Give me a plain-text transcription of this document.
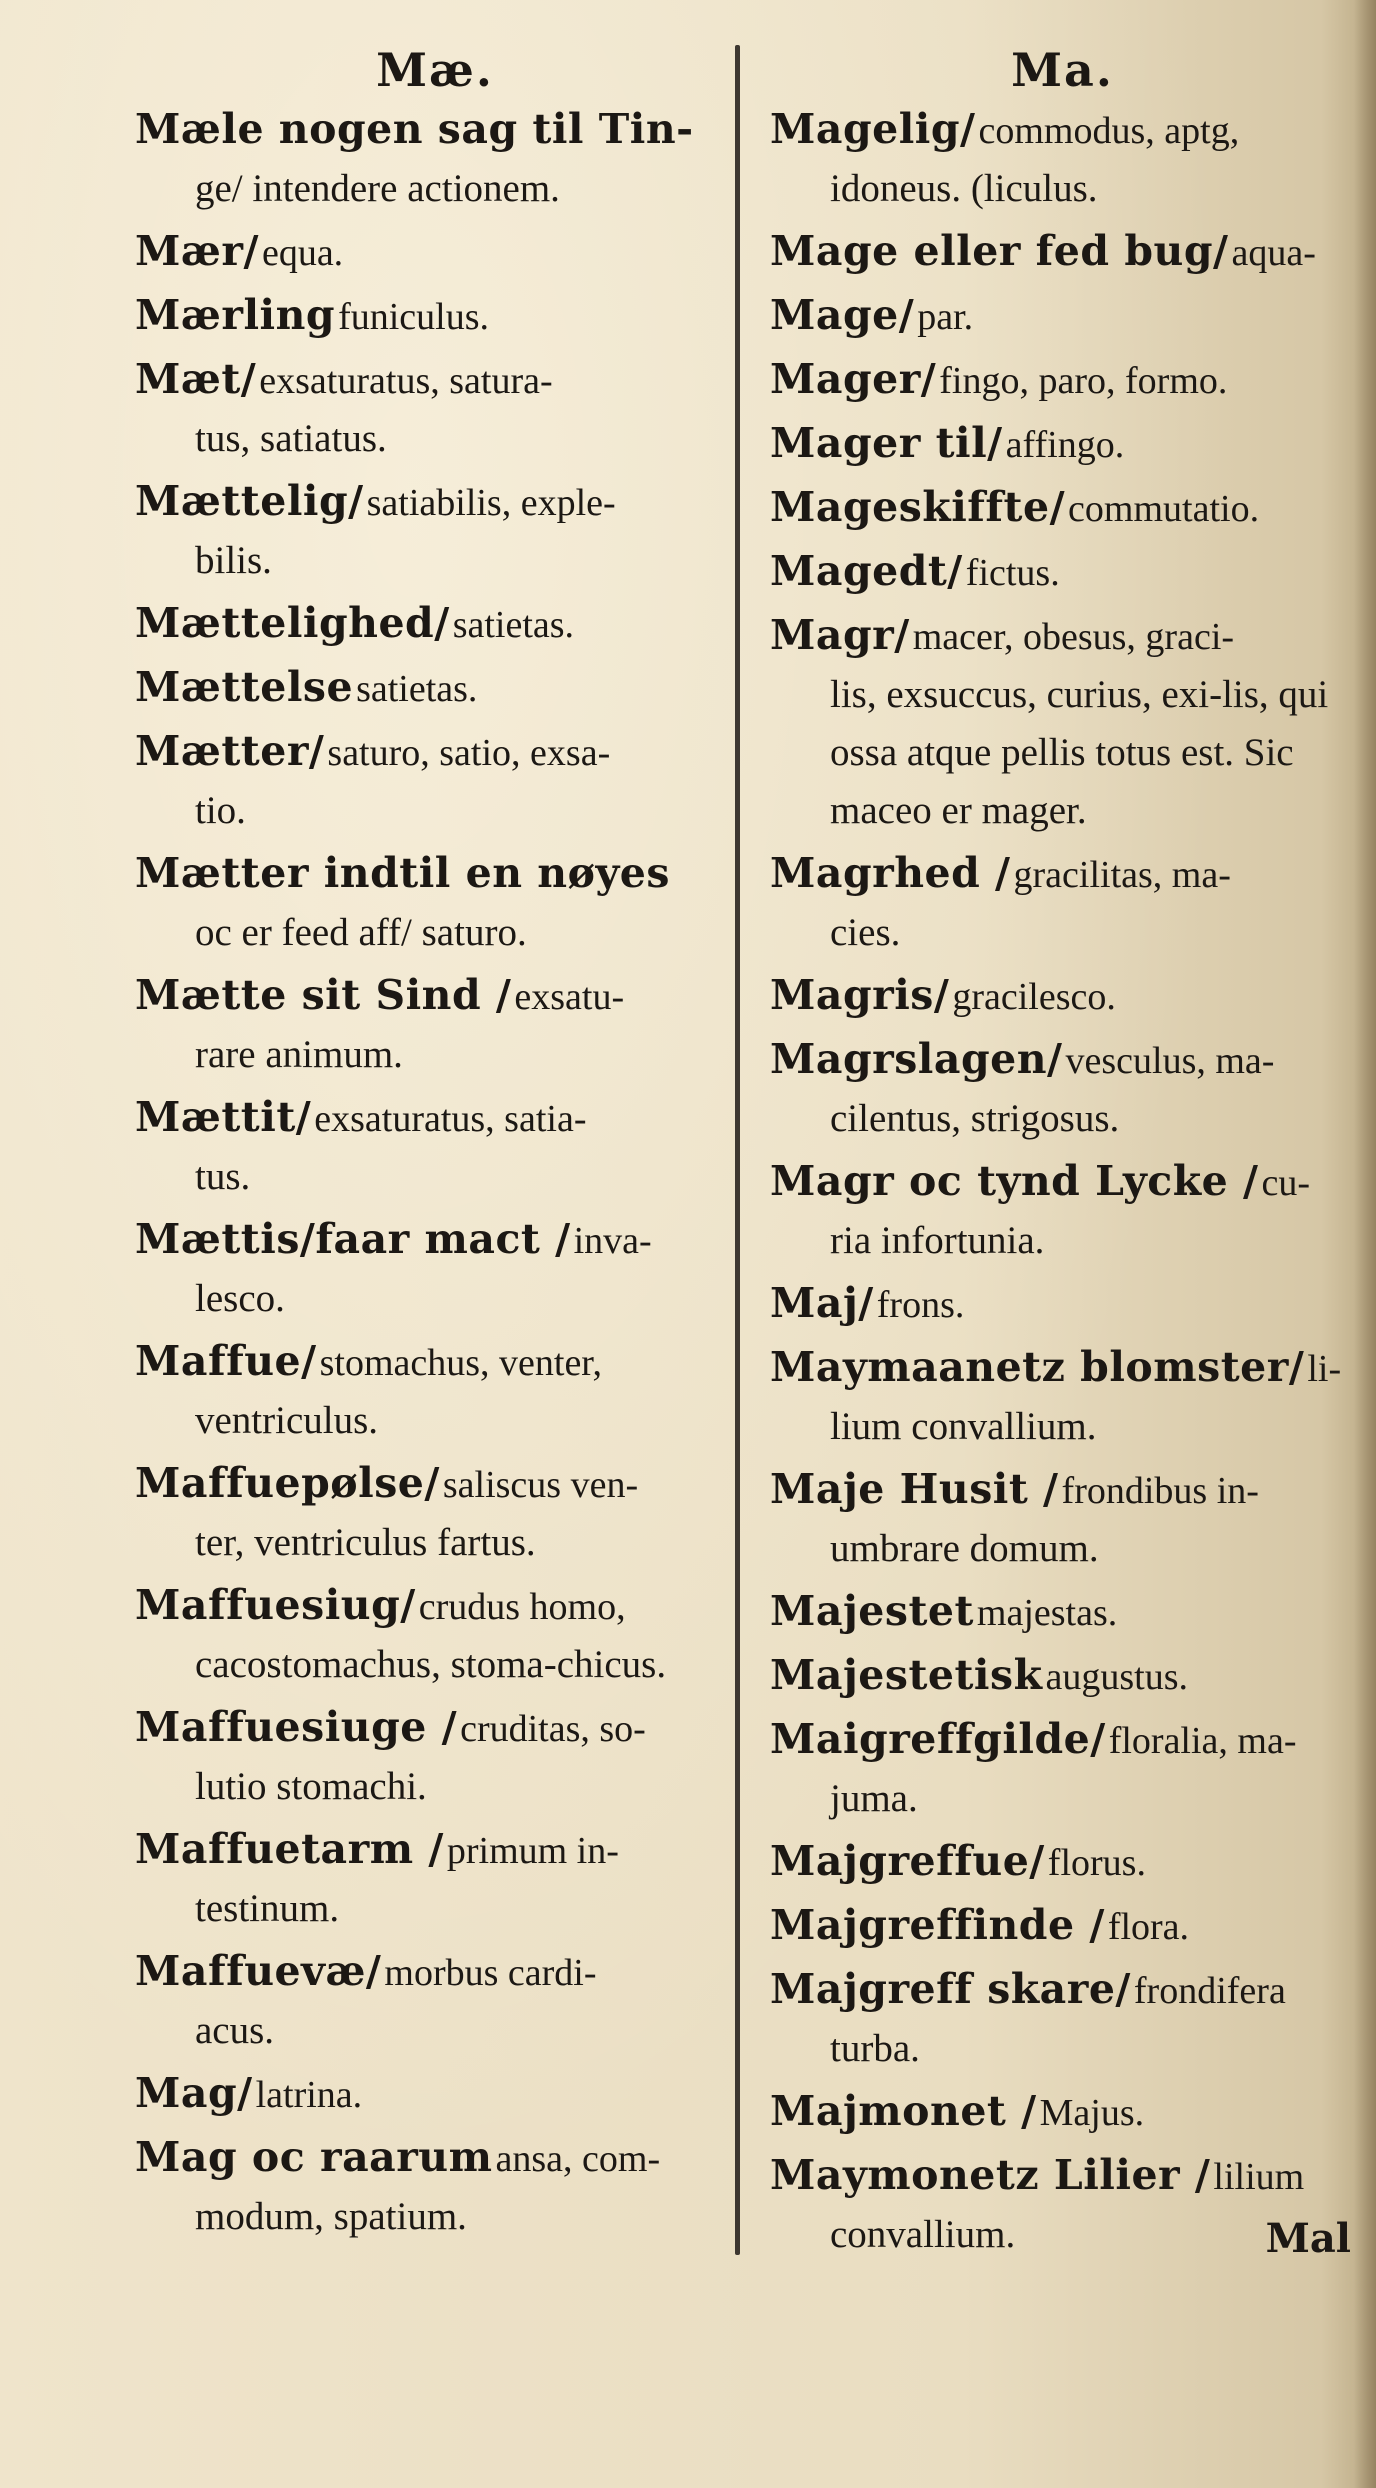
Mæ.
Mæle nogen sag til Tin-
ge/ intendere actionem.
Mær/equa.
Mærlingfuniculus.
Mæt/exsaturatus, satura-
tus, satiatus.
Mættelig/satiabilis, exple-
bilis.
Mættelighed/satietas.
Mættelsesatietas.
Mætter/saturo, satio, exsa-
tio.
Mætter indtil en nøyes
oc er feed aff/ saturo.
Mætte sit Sind /exsatu-
rare animum.
Mættit/exsaturatus, satia-
tus.
Mættis/faar mact /inva-
lesco.
Maffue/stomachus, venter,
ventriculus.
Maffuepølse/saliscus ven-
ter, ventriculus fartus.
Maffuesiug/crudus homo,
cacostomachus, stoma-chicus.
Maffuesiuge /cruditas, so-
lutio stomachi.
Maffuetarm /primum in-
testinum.
Maffuevæ/morbus cardi-
acus.
Mag/latrina.
Mag oc raarumansa, com-
modum, spatium.
Ma.
Magelig/commodus, aptg,
idoneus. (liculus.
Mage eller fed bug/aqua-
Mage/par.
Mager/fingo, paro, formo.
Mager til/affingo.
Mageskiffte/commutatio.
Magedt/fictus.
Magr/macer, obesus, graci-
lis, exsuccus, curius, exi-lis, qui ossa atque pellis totus est. Sic maceo er mager.
Magrhed /gracilitas, ma-
cies.
Magris/gracilesco.
Magrslagen/vesculus, ma-
cilentus, strigosus.
Magr oc tynd Lycke /cu-
ria infortunia.
Maj/frons.
Maymaanetz blomster/li-
lium convallium.
Maje Husit /frondibus in-
umbrare domum.
Majestetmajestas.
Majestetiskaugustus.
Maigreffgilde/floralia, ma-
juma.
Majgreffue/florus.
Majgreffinde /flora.
Majgreff skare/frondifera
turba.
Majmonet /Majus.
Maymonetz Lilier /lilium
convallium.	Mal
